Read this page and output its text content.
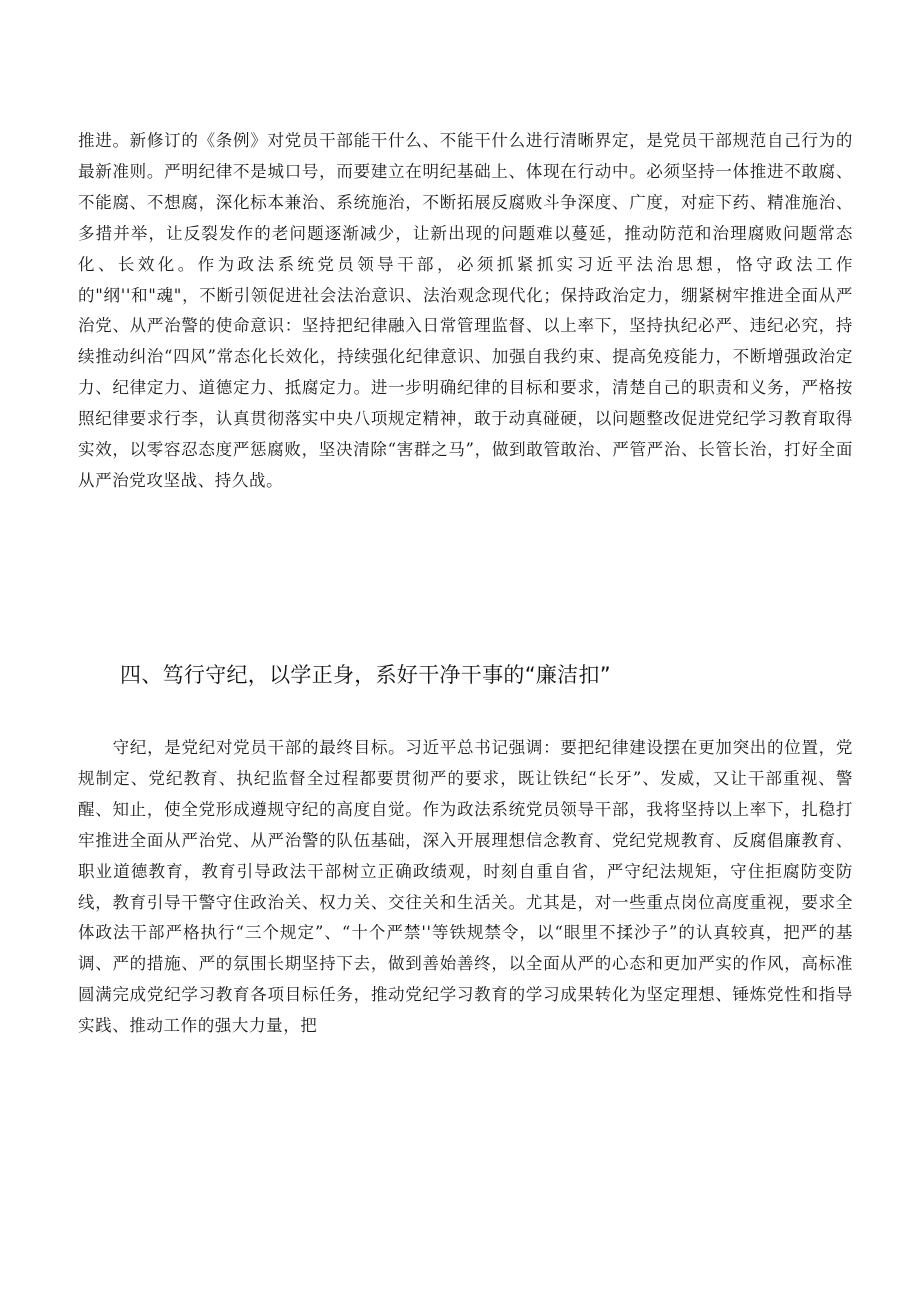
推进。新修订的《条例》对党员干部能干什么、不能干什么进行清晰界定，是党员干部规范自己行为的最新准则。严明纪律不是城口号，而要建立在明纪基础上、体现在行动中。必须坚持一体推进不敢腐、不能腐、不想腐，深化标本兼治、系统施治，不断拓展反腐败斗争深度、广度，对症下药、精准施治、多措并举，让反裂发作的老问题逐渐减少，让新出现的问题难以蔓延，推动防范和治理腐败问题常态化、长效化。作为政法系统党员领导干部，必须抓紧抓实习近平法治思想，恪守政法工作的"纲''和"魂"，不断引领促进社会法治意识、法治观念现代化；保持政治定力，绷紧树牢推进全面从严治党、从严治警的使命意识：坚持把纪律融入日常管理监督、以上率下，坚持执纪必严、违纪必究，持续推动纠治“四风”常态化长效化，持续强化纪律意识、加强自我约束、提高免疫能力，不断增强政治定力、纪律定力、道德定力、抵腐定力。进一步明确纪律的目标和要求，清楚自己的职责和义务，严格按照纪律要求行李，认真贯彻落实中央八项规定精神，敢于动真碰硬，以问题整改促进党纪学习教育取得实效，以零容忍态度严惩腐败，坚决清除“害群之马”，做到敢管敢治、严管严治、长管长治，打好全面从严治党攻坚战、持久战。

四、笃行守纪，以学正身，系好干净干事的“廉洁扣”

守纪，是党纪对党员干部的最终目标。习近平总书记强调：要把纪律建设摆在更加突出的位置，党规制定、党纪教育、执纪监督全过程都要贯彻严的要求，既让铁纪“长牙”、发威，又让干部重视、警醒、知止，使全党形成遵规守纪的高度自觉。作为政法系统党员领导干部，我将坚持以上率下，扎稳打牢推进全面从严治党、从严治警的队伍基础，深入开展理想信念教育、党纪党规教育、反腐倡廉教育、职业道德教育，教育引导政法干部树立正确政绩观，时刻自重自省，严守纪法规矩，守住拒腐防变防线，教育引导干警守住政治关、权力关、交往关和生活关。尤其是，对一些重点岗位高度重视，要求全体政法干部严格执行“三个规定”、“十个严禁''等铁规禁令，以“眼里不揉沙子”的认真较真，把严的基调、严的措施、严的氛围长期坚持下去，做到善始善终，以全面从严的心态和更加严实的作风，高标准圆满完成党纪学习教育各项目标任务，推动党纪学习教育的学习成果转化为坚定理想、锤炼党性和指导实践、推动工作的强大力量，把
